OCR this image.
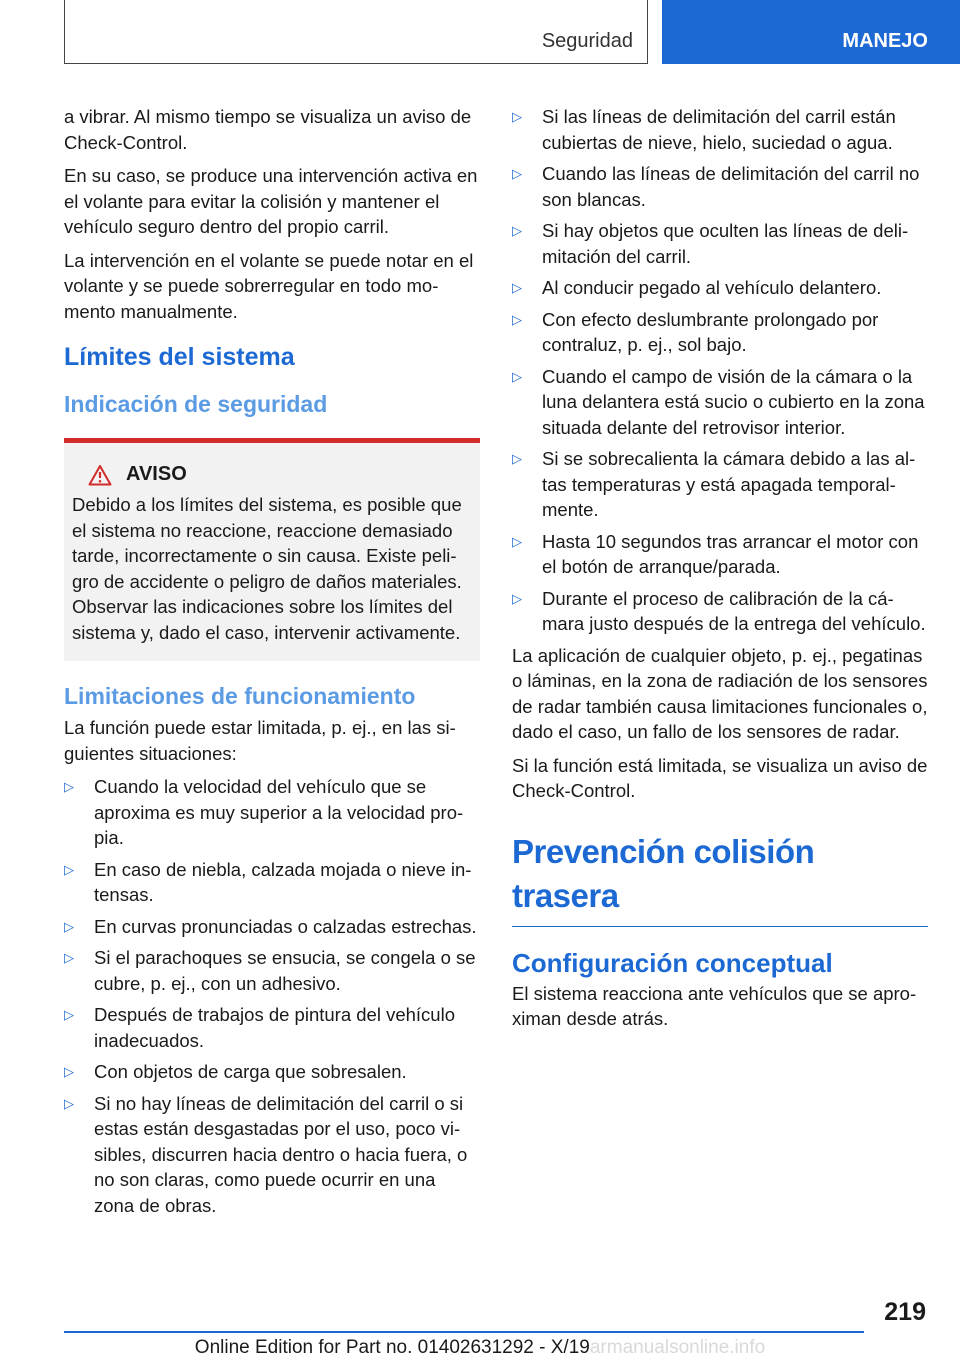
Seguridad	MANEJO

a vibrar. Al mismo tiempo se visualiza un aviso de Check-Control.

En su caso, se produce una intervención activa en el volante para evitar la colisión y mantener el vehículo seguro dentro del propio carril.

La intervención en el volante se puede notar en el volante y se puede sobrerregular en todo momento manualmente.

Límites del sistema
Indicación de seguridad
AVISO

Debido a los límites del sistema, es posible que el sistema no reaccione, reaccione demasiado tarde, incorrectamente o sin causa. Existe peligro de accidente o peligro de daños materiales. Observar las indicaciones sobre los límites del sistema y, dado el caso, intervenir activamente.

Limitaciones de funcionamiento

La función puede estar limitada, p. ej., en las siguientes situaciones:

▷ Cuando la velocidad del vehículo que se aproxima es muy superior a la velocidad propia.
▷ En caso de niebla, calzada mojada o nieve intensas.
▷ En curvas pronunciadas o calzadas estrechas.
▷ Si el parachoques se ensucia, se congela o se cubre, p. ej., con un adhesivo.
▷ Después de trabajos de pintura del vehículo inadecuados.
▷ Con objetos de carga que sobresalen.
▷ Si no hay líneas de delimitación del carril o si estas están desgastadas por el uso, poco visibles, discurren hacia dentro o hacia fuera, o no son claras, como puede ocurrir en una zona de obras.
▷ Si las líneas de delimitación del carril están cubiertas de nieve, hielo, suciedad o agua.
▷ Cuando las líneas de delimitación del carril no son blancas.
▷ Si hay objetos que oculten las líneas de delimitación del carril.
▷ Al conducir pegado al vehículo delantero.
▷ Con efecto deslumbrante prolongado por contraluz, p. ej., sol bajo.
▷ Cuando el campo de visión de la cámara o la luna delantera está sucio o cubierto en la zona situada delante del retrovisor interior.
▷ Si se sobrecalienta la cámara debido a las altas temperaturas y está apagada temporalmente.
▷ Hasta 10 segundos tras arrancar el motor con el botón de arranque/parada.
▷ Durante el proceso de calibración de la cámara justo después de la entrega del vehículo.

La aplicación de cualquier objeto, p. ej., pegatinas o láminas, en la zona de radiación de los sensores de radar también causa limitaciones funcionales o, dado el caso, un fallo de los sensores de radar.

Si la función está limitada, se visualiza un aviso de Check-Control.

Prevención colisión trasera
Configuración conceptual

El sistema reacciona ante vehículos que se aproximan desde atrás.

219
Online Edition for Part no. 01402631292 - X/19armanualsonline.info
